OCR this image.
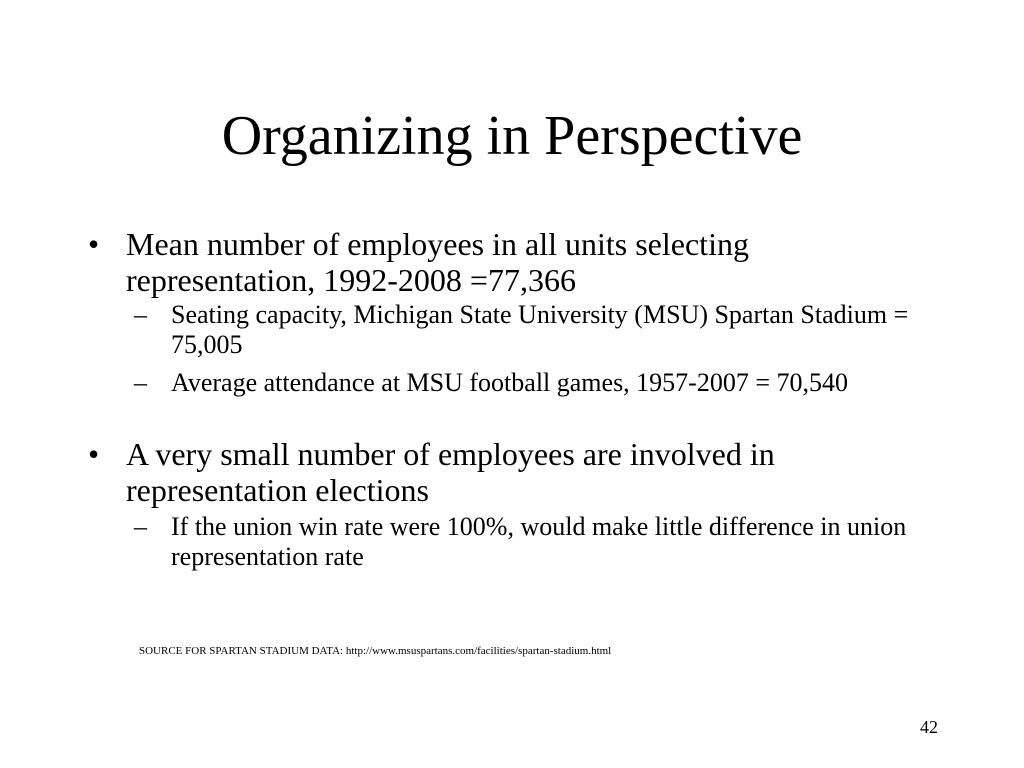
Organizing in Perspective
• Mean number of employees in all units selecting representation, 1992-2008 =77,366
– Seating capacity, Michigan State University (MSU) Spartan Stadium = 75,005
– Average attendance at MSU football games, 1957-2007 = 70,540
• A very small number of employees are involved in representation elections
– If the union win rate were 100%, would make little difference in union representation rate
SOURCE FOR SPARTAN STADIUM DATA: http://www.msuspartans.com/facilities/spartan-stadium.html
42
